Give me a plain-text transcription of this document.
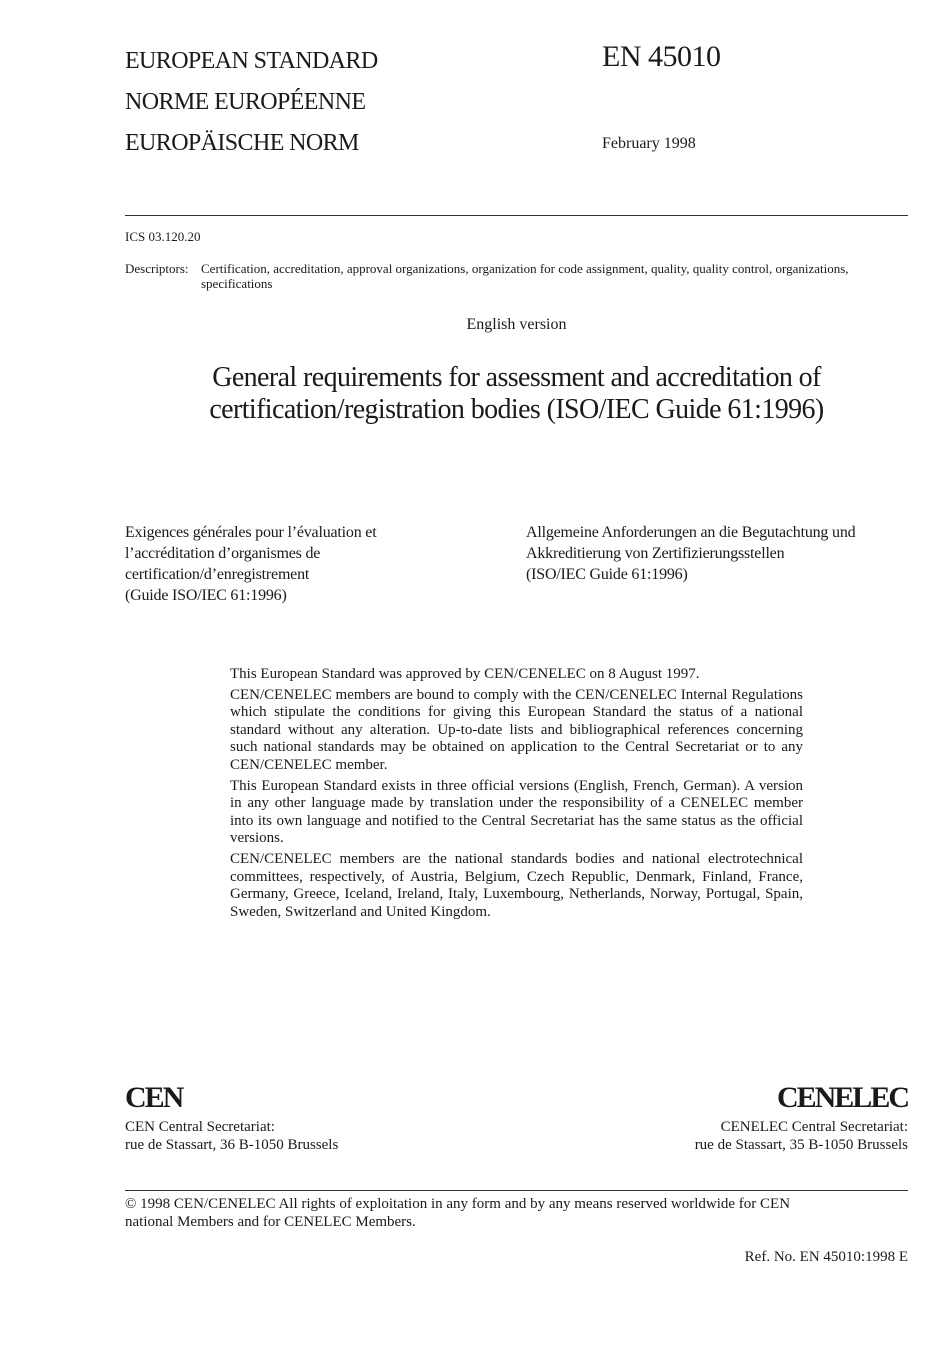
EUROPEAN STANDARD
NORME EUROPÉENNE
EUROPÄISCHE NORM
EN 45010
February 1998
ICS 03.120.20
Descriptors: Certification, accreditation, approval organizations, organization for code assignment, quality, quality control, organizations, specifications
English version
General requirements for assessment and accreditation of
certification/registration bodies (ISO/IEC Guide 61:1996)
Exigences générales pour l’évaluation et
l’accréditation d’organismes de
certification/d’enregistrement
(Guide ISO/IEC 61:1996)
Allgemeine Anforderungen an die Begutachtung und
Akkreditierung von Zertifizierungsstellen
(ISO/IEC Guide 61:1996)

This European Standard was approved by CEN/CENELEC on 8 August 1997.

CEN/CENELEC members are bound to comply with the CEN/CENELEC Internal Regulations which stipulate the conditions for giving this European Standard the status of a national standard without any alteration. Up-to-date lists and bibliographical references concerning such national standards may be obtained on application to the Central Secretariat or to any CEN/CENELEC member.

This European Standard exists in three official versions (English, French, German). A version in any other language made by translation under the responsibility of a CENELEC member into its own language and notified to the Central Secretariat has the same status as the official versions.

CEN/CENELEC members are the national standards bodies and national electrotechnical committees, respectively, of Austria, Belgium, Czech Republic, Denmark, Finland, France, Germany, Greece, Iceland, Ireland, Italy, Luxembourg, Netherlands, Norway, Portugal, Spain, Sweden, Switzerland and United Kingdom.

CEN	CENELEC
CEN Central Secretariat:
rue de Stassart, 36 B-1050 Brussels
CENELEC Central Secretariat:
rue de Stassart, 35 B-1050 Brussels
© 1998 CEN/CENELEC All rights of exploitation in any form and by any means reserved worldwide for CEN
national Members and for CENELEC Members.
Ref. No. EN 45010:1998 E
